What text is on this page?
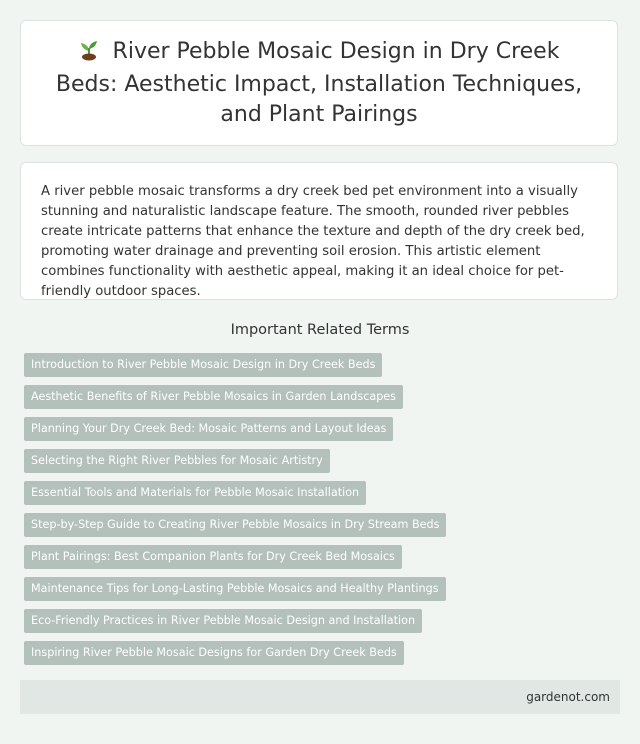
River Pebble Mosaic Design in Dry Creek Beds: Aesthetic Impact, Installation Techniques, and Plant Pairings

A river pebble mosaic transforms a dry creek bed pet environment into a visually stunning and naturalistic landscape feature. The smooth, rounded river pebbles create intricate patterns that enhance the texture and depth of the dry creek bed, promoting water drainage and preventing soil erosion. This artistic element combines functionality with aesthetic appeal, making it an ideal choice for pet-friendly outdoor spaces.

Important Related Terms
Introduction to River Pebble Mosaic Design in Dry Creek Beds
Aesthetic Benefits of River Pebble Mosaics in Garden Landscapes
Planning Your Dry Creek Bed: Mosaic Patterns and Layout Ideas
Selecting the Right River Pebbles for Mosaic Artistry
Essential Tools and Materials for Pebble Mosaic Installation
Step-by-Step Guide to Creating River Pebble Mosaics in Dry Stream Beds
Plant Pairings: Best Companion Plants for Dry Creek Bed Mosaics
Maintenance Tips for Long-Lasting Pebble Mosaics and Healthy Plantings
Eco-Friendly Practices in River Pebble Mosaic Design and Installation
Inspiring River Pebble Mosaic Designs for Garden Dry Creek Beds
gardenot.com
